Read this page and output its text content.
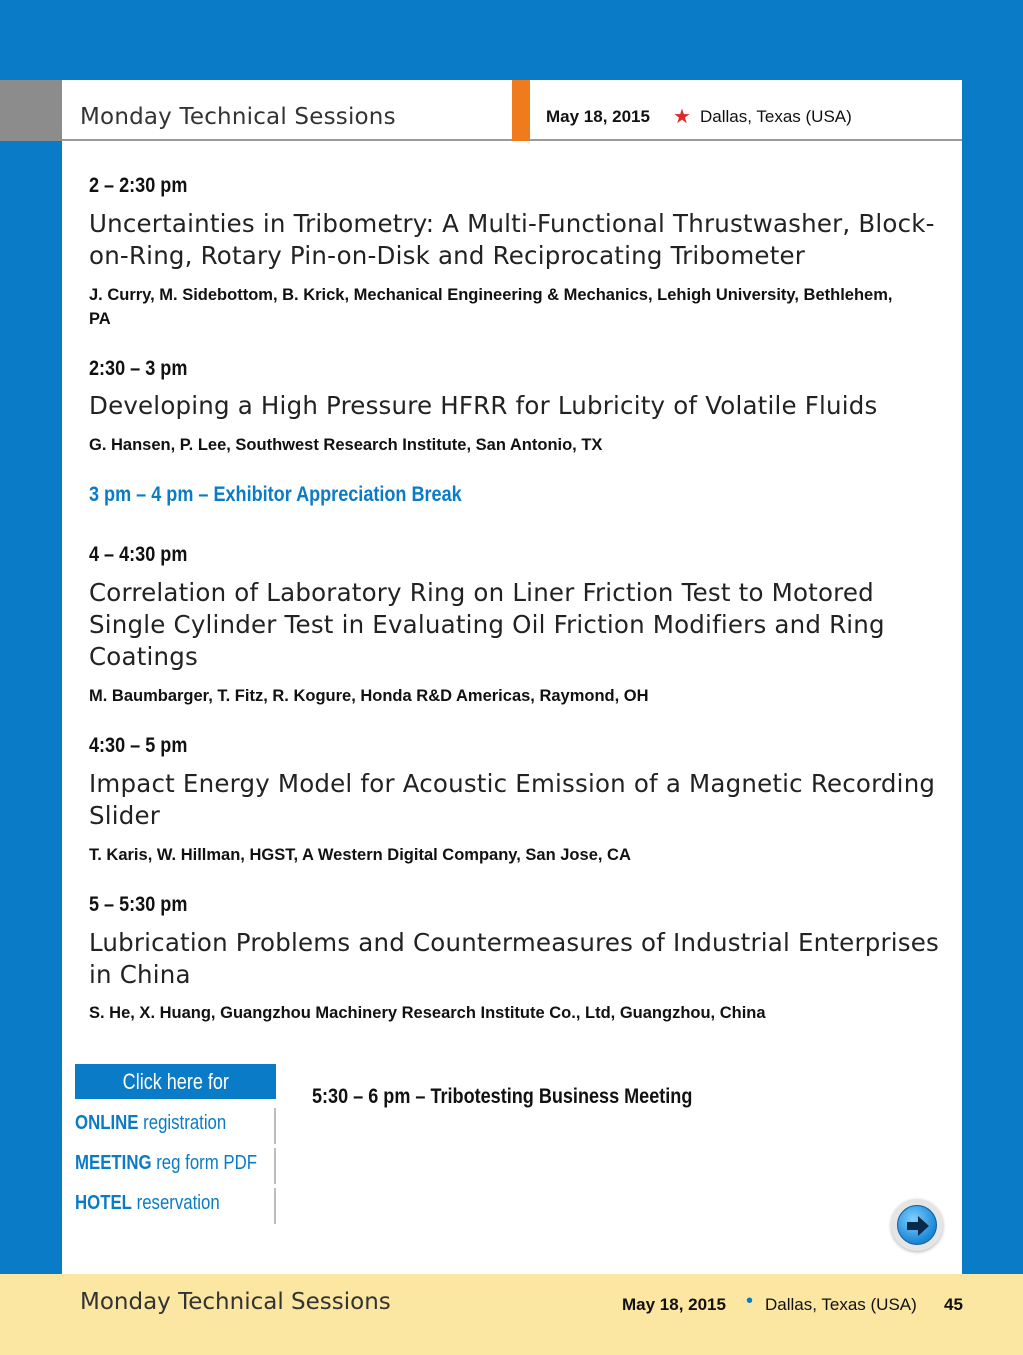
Monday Technical Sessions	May 18, 2015 ★ Dallas, Texas (USA)
2 – 2:30 pm
Uncertainties in Tribometry: A Multi-Functional Thrustwasher, Block-on-Ring, Rotary Pin-on-Disk and Reciprocating Tribometer
J. Curry, M. Sidebottom, B. Krick, Mechanical Engineering & Mechanics, Lehigh University, Bethlehem, PA
2:30 – 3 pm
Developing a High Pressure HFRR for Lubricity of Volatile Fluids
G. Hansen, P. Lee, Southwest Research Institute, San Antonio, TX
3 pm – 4 pm – Exhibitor Appreciation Break
4 – 4:30 pm
Correlation of Laboratory Ring on Liner Friction Test to Motored Single Cylinder Test in Evaluating Oil Friction Modifiers and Ring Coatings
M. Baumbarger, T. Fitz, R. Kogure, Honda R&D Americas, Raymond, OH
4:30 – 5 pm
Impact Energy Model for Acoustic Emission of a Magnetic Recording Slider
T. Karis, W. Hillman, HGST, A Western Digital Company, San Jose, CA
5 – 5:30 pm
Lubrication Problems and Countermeasures of Industrial Enterprises in China
S. He, X. Huang, Guangzhou Machinery Research Institute Co., Ltd, Guangzhou, China
Click here for
ONLINE registration
MEETING reg form PDF
HOTEL reservation
5:30 – 6 pm – Tribotesting Business Meeting
Monday Technical Sessions	May 18, 2015 • Dallas, Texas (USA) 45
